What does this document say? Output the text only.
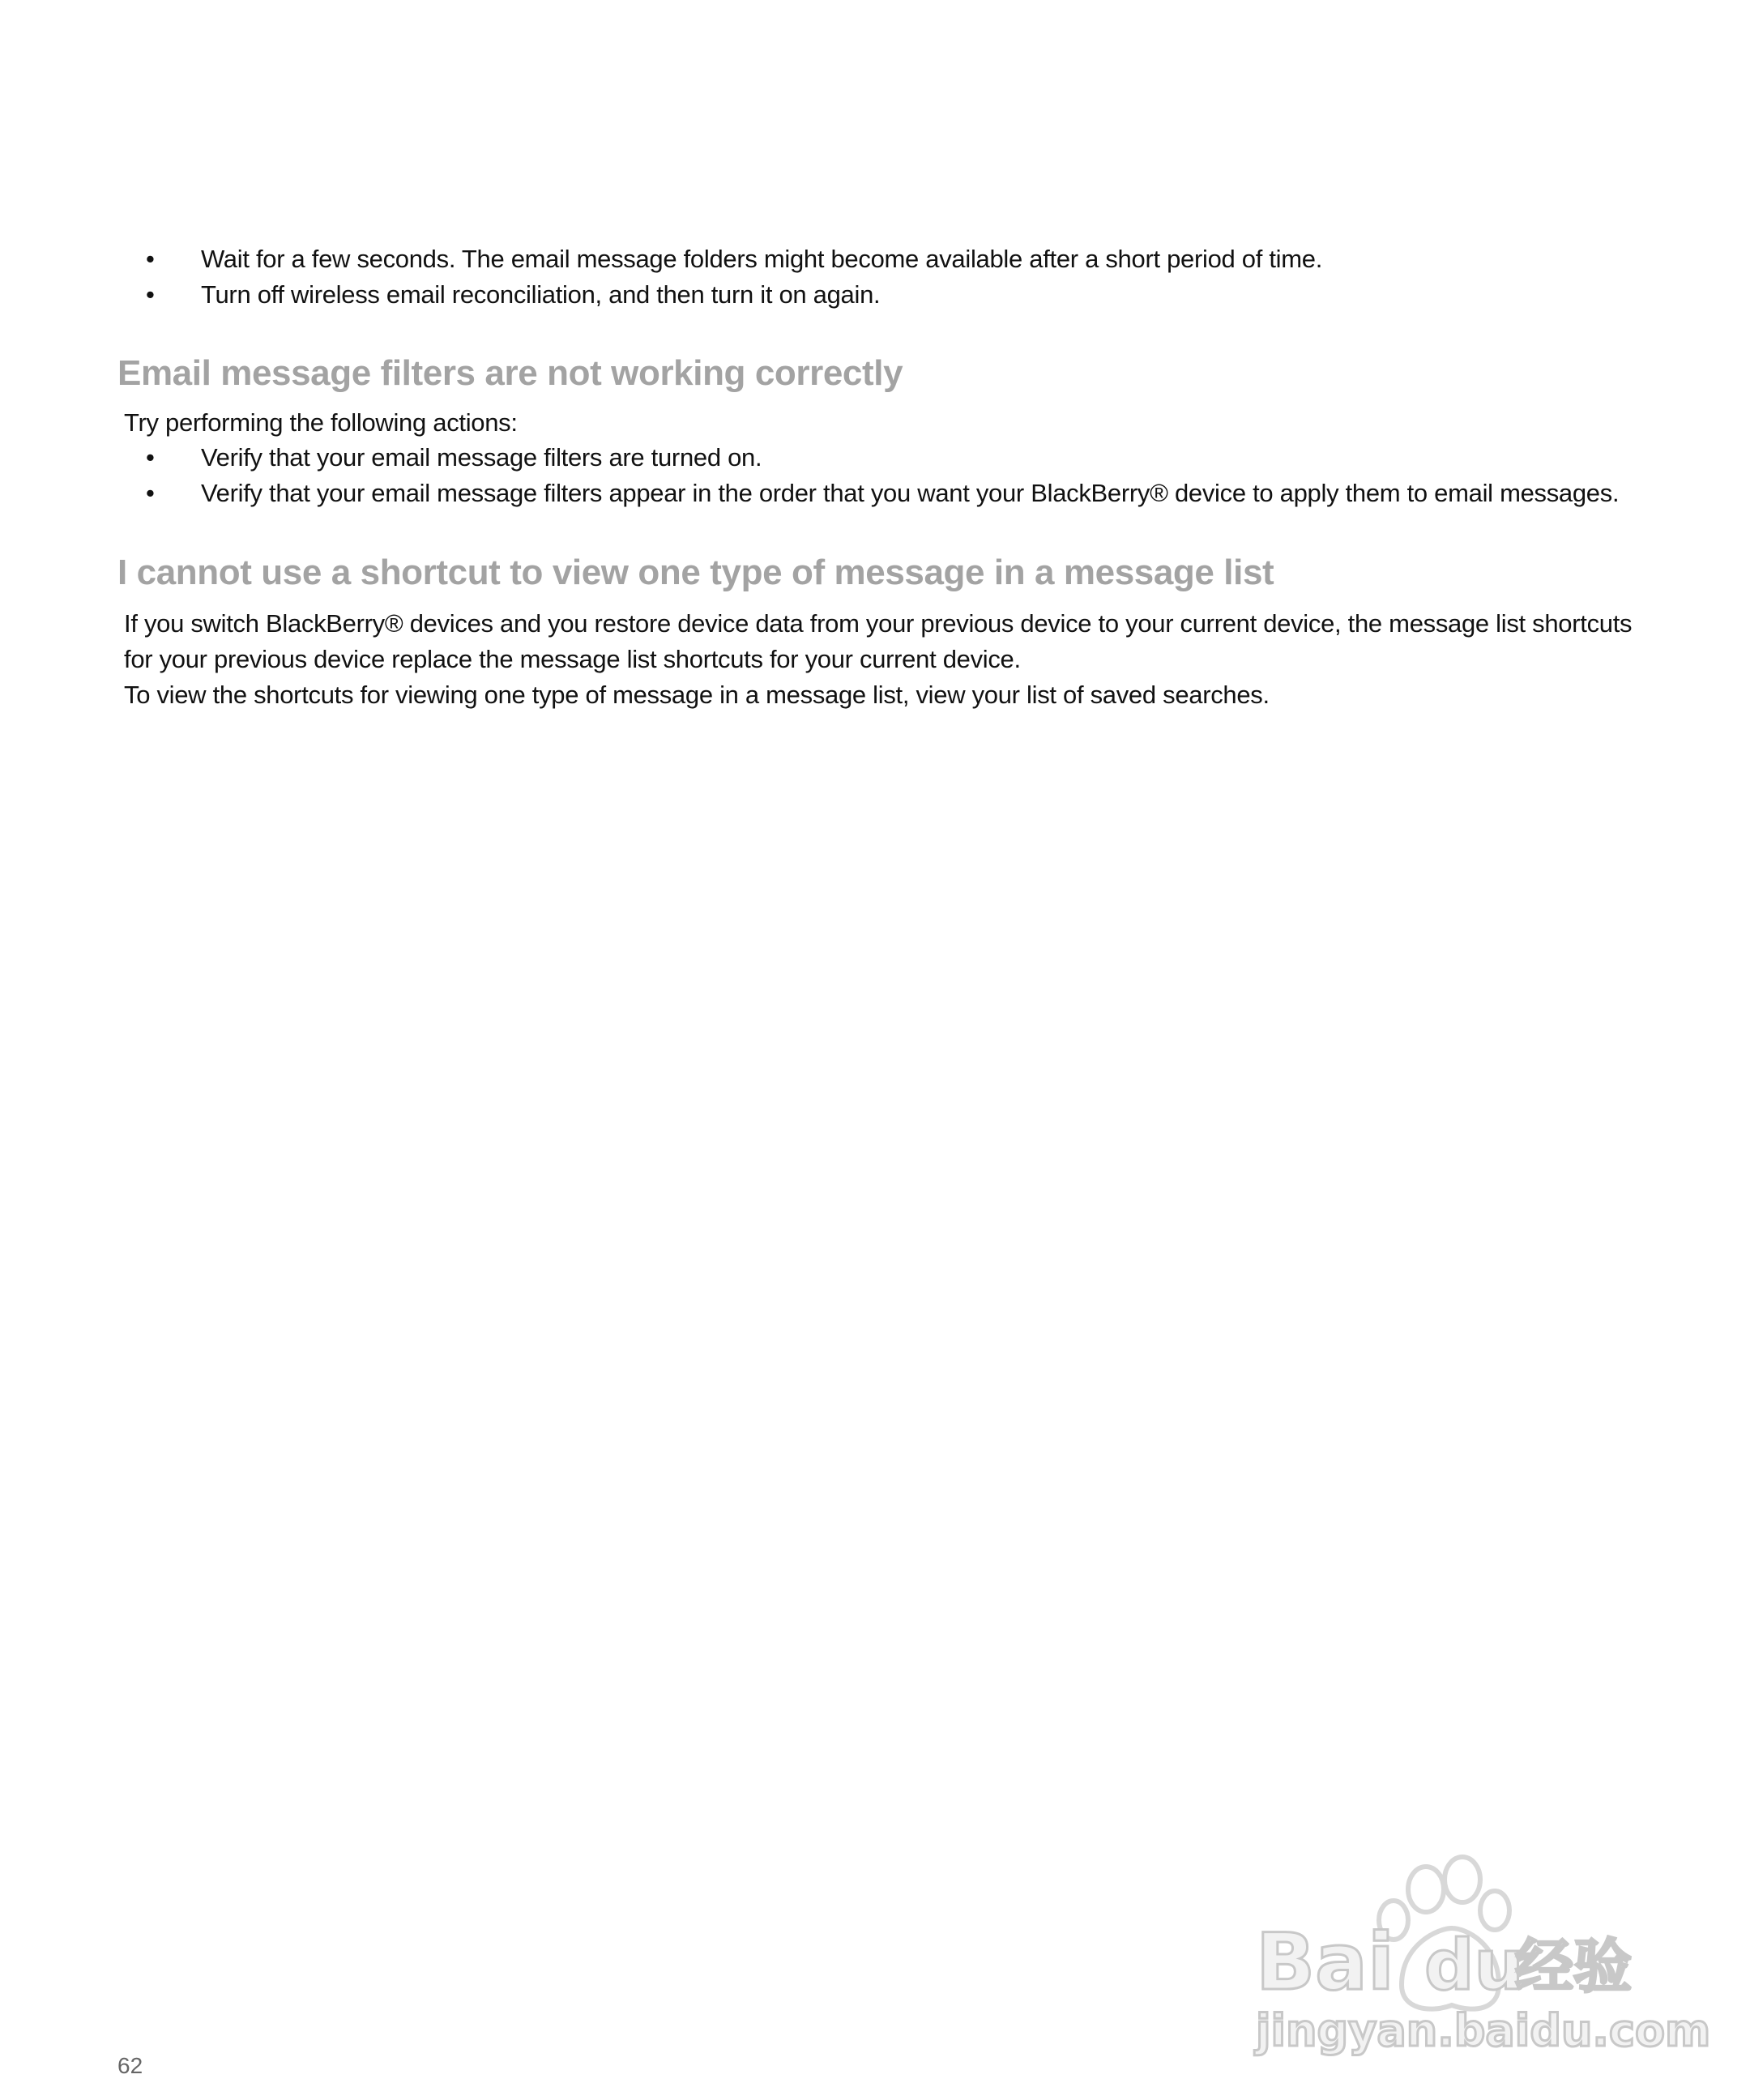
• Wait for a few seconds. The email message folders might become available after a short period of time.
• Turn off wireless email reconciliation, and then turn it on again.
Email message filters are not working correctly

Try performing the following actions:

• Verify that your email message filters are turned on.
• Verify that your email message filters appear in the order that you want your BlackBerry® device to apply them to email messages.
I cannot use a shortcut to view one type of message in a message list

If you switch BlackBerry® devices and you restore device data from your previous device to your current device, the message list shortcuts

for your previous device replace the message list shortcuts for your current device.

To view the shortcuts for viewing one type of message in a message list, view your list of saved searches.

62
Bai du
经验
jingyan.baidu.com
